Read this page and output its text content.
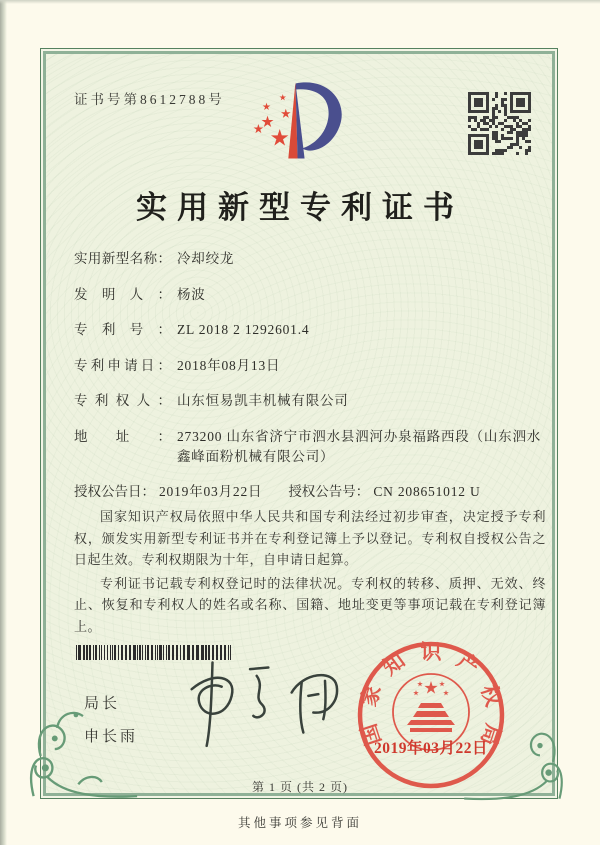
证书号第8612788号
实用新型专利证书
实用新型名称： 冷却绞龙
发明人： 杨波
专利号： ZL 2018 2 1292601.4
专利申请日： 2018年08月13日
专利权人： 山东恒易凯丰机械有限公司
地址： 273200 山东省济宁市泗水县泗河办泉福路西段（山东泗水鑫峰面粉机械有限公司）
授权公告日： 2019年03月22日 授权公告号： CN 208651012 U

国家知识产权局依照中华人民共和国专利法经过初步审查，决定授予专利权，颁发实用新型专利证书并在专利登记簿上予以登记。专利权自授权公告之日起生效。专利权期限为十年，自申请日起算。

专利证书记载专利权登记时的法律状况。专利权的转移、质押、无效、终止、恢复和专利权人的姓名或名称、国籍、地址变更等事项记载在专利登记簿上。

局长
申长雨	国家知识产权局
2019年03月22日
第 1 页 (共 2 页)
其他事项参见背面
